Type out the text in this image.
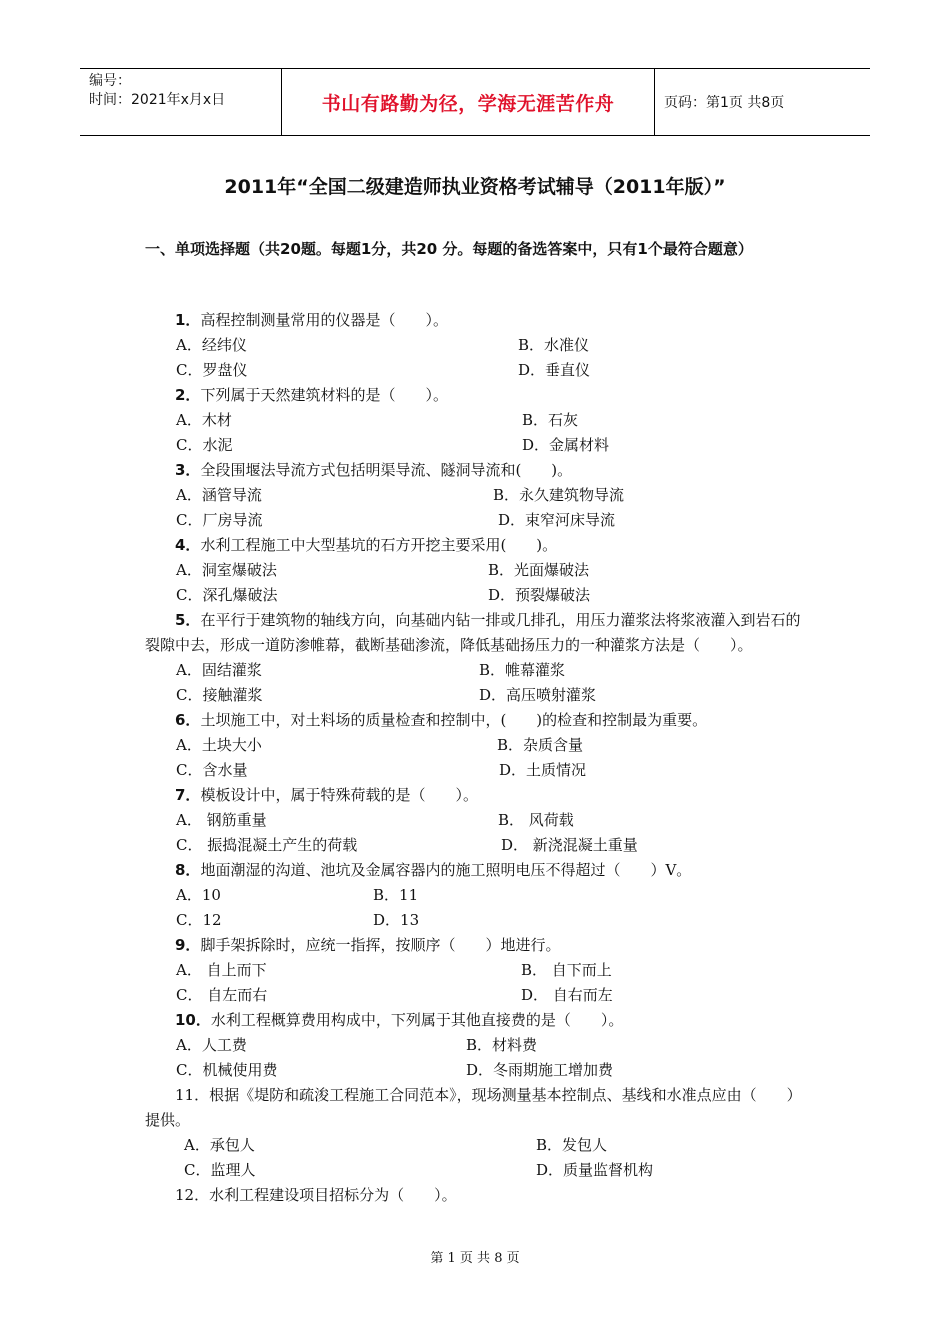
编号：
时间：2021年x月x日	书山有路勤为径，学海无涯苦作舟	页码：第1页 共8页
2011年“全国二级建造师执业资格考试辅导（2011年版）”
一、单项选择题（共20题。每题1分，共20 分。每题的备选答案中，只有1个最符合题意）
1．高程控制测量常用的仪器是（　　）。
A．经纬仪	B．水准仪
C．罗盘仪	D．垂直仪
2．下列属于天然建筑材料的是（　　）。
A．木材	B．石灰
C．水泥	D．金属材料
3．全段围堰法导流方式包括明渠导流、隧洞导流和(　　)。
A．涵管导流	B．永久建筑物导流
C．厂房导流	D．束窄河床导流
4．水利工程施工中大型基坑的石方开挖主要采用(　　)。
A．洞室爆破法	B．光面爆破法
C．深孔爆破法	D．预裂爆破法
5．在平行于建筑物的轴线方向，向基础内钻一排或几排孔，用压力灌浆法将浆液灌入到岩石的裂隙中去，形成一道防渗帷幕，截断基础渗流，降低基础扬压力的一种灌浆方法是（　　）。
A．固结灌浆	B．帷幕灌浆
C．接触灌浆	D．高压喷射灌浆
6．土坝施工中，对土料场的质量检查和控制中，(　　)的检查和控制最为重要。
A．土块大小	B．杂质含量
C．含水量	D．土质情况
7．模板设计中，属于特殊荷载的是（　　）。
A． 钢筋重量	B． 风荷载
C． 振捣混凝土产生的荷载	D． 新浇混凝土重量
8．地面潮湿的沟道、池坑及金属容器内的施工照明电压不得超过（　　）V。
A．10	B．11
C．12	D．13
9．脚手架拆除时，应统一指挥，按顺序（　　）地进行。
A． 自上而下	B． 自下而上
C． 自左而右	D． 自右而左
10．水利工程概算费用构成中，下列属于其他直接费的是（　　）。
A．人工费	B．材料费
C．机械使用费	D．冬雨期施工增加费
11．根据《堤防和疏浚工程施工合同范本》，现场测量基本控制点、基线和水准点应由（　　）提供。
A．承包人	B．发包人
C．监理人	D．质量监督机构
12．水利工程建设项目招标分为（　　）。
第 1 页 共 8 页
